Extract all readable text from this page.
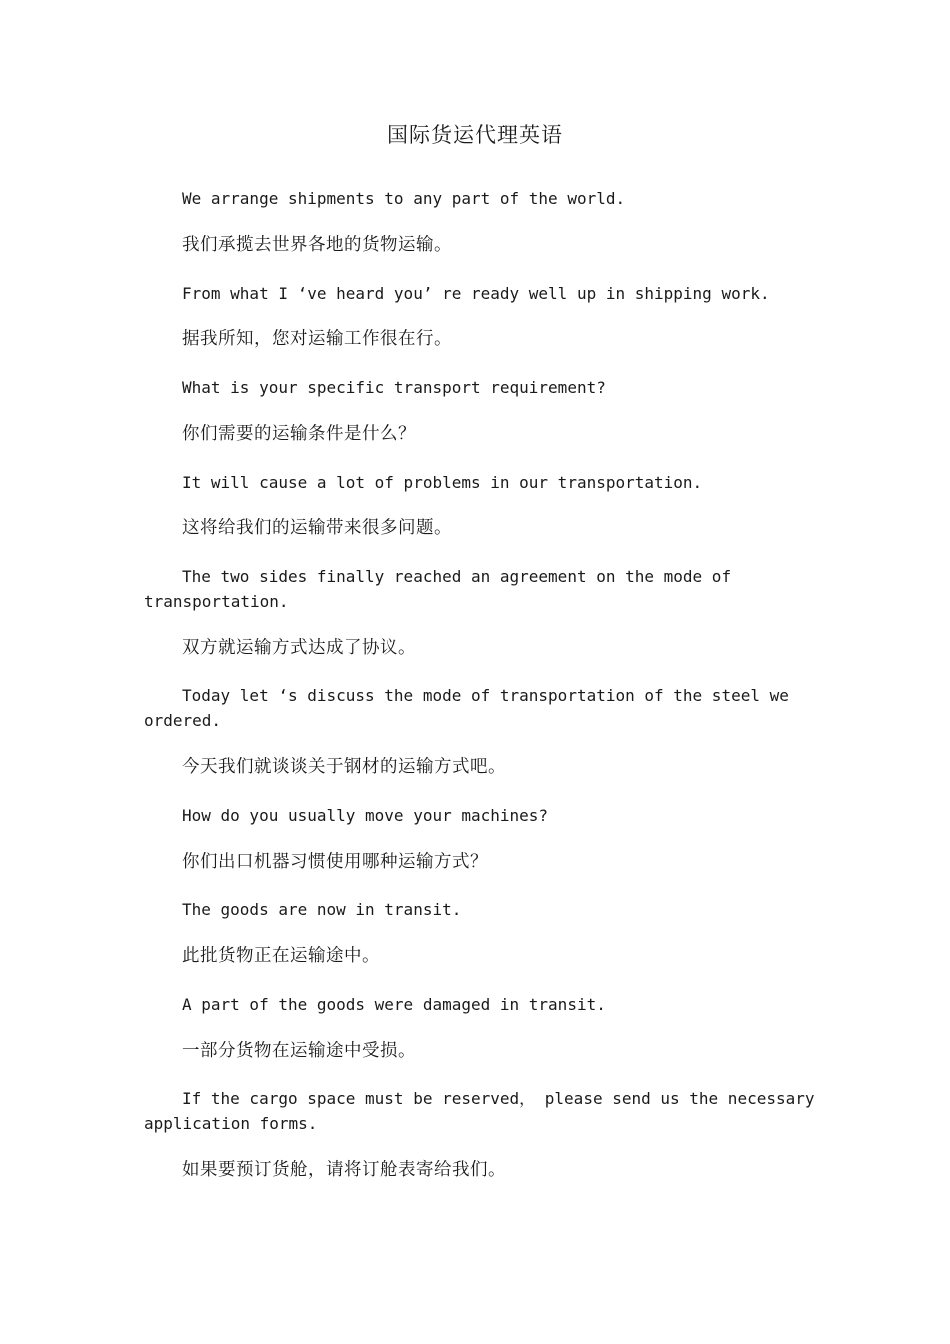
国际货运代理英语

We arrange shipments to any part of the world.

我们承揽去世界各地的货物运输。

From what I ‘ve heard you’ re ready well up in shipping work.

据我所知，您对运输工作很在行。

What is your specific transport requirement?

你们需要的运输条件是什么？

It will cause a lot of problems in our transportation.

这将给我们的运输带来很多问题。

The two sides finally reached an agreement on the mode of transportation.

双方就运输方式达成了协议。

Today let ‘s discuss the mode of transportation of the steel we ordered.

今天我们就谈谈关于钢材的运输方式吧。

How do you usually move your machines?

你们出口机器习惯使用哪种运输方式？

The goods are now in transit.

此批货物正在运输途中。

A part of the goods were damaged in transit.

一部分货物在运输途中受损。

If the cargo space must be reserved， please send us the necessary application forms.

如果要预订货舱，请将订舱表寄给我们。
